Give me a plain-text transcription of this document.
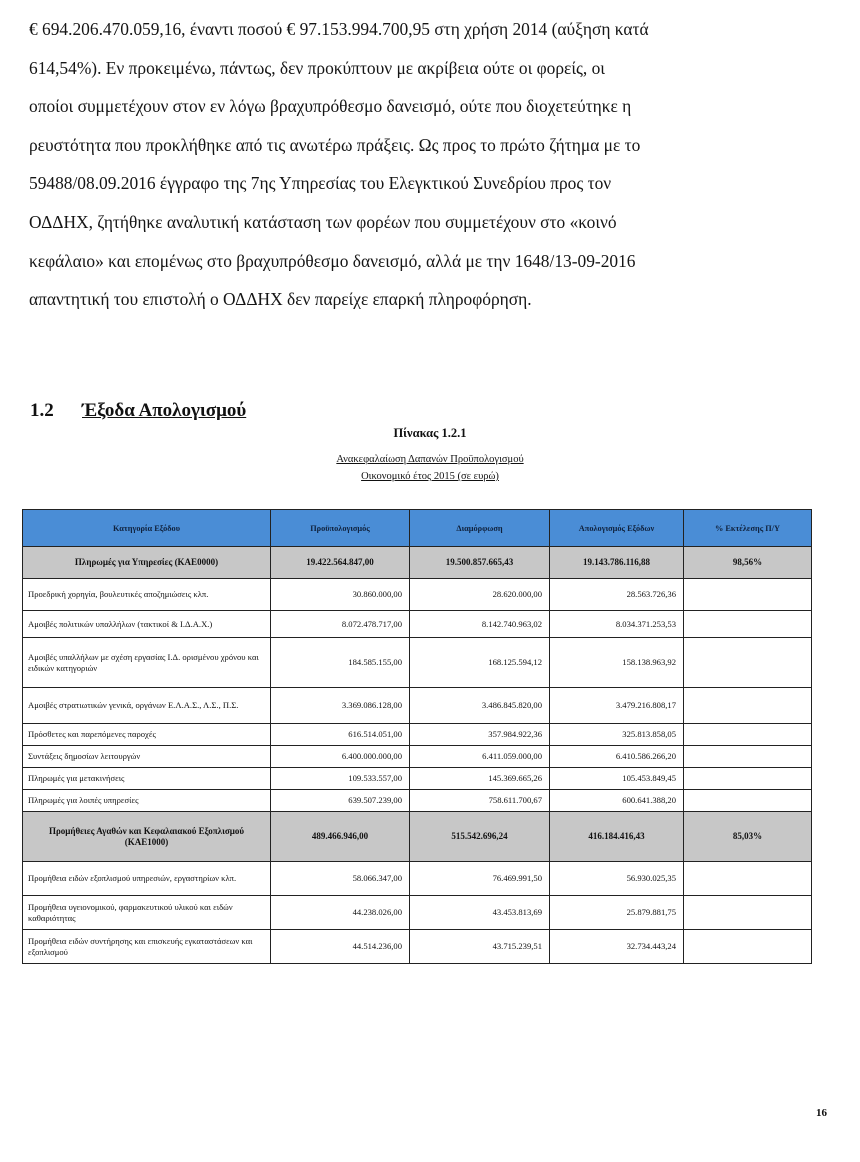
€ 694.206.470.059,16, έναντι ποσού € 97.153.994.700,95 στη χρήση 2014 (αύξηση κατά

614,54%). Εν προκειμένω, πάντως, δεν προκύπτουν με ακρίβεια ούτε οι φορείς, οι

οποίοι συμμετέχουν στον εν λόγω βραχυπρόθεσμο δανεισμό, ούτε που διοχετεύτηκε η

ρευστότητα που προκλήθηκε από τις ανωτέρω πράξεις. Ως προς το πρώτο ζήτημα με το

59488/08.09.2016 έγγραφο της 7ης Υπηρεσίας του Ελεγκτικού Συνεδρίου προς τον

ΟΔΔΗΧ, ζητήθηκε αναλυτική κατάσταση των φορέων που συμμετέχουν στο «κοινό

κεφάλαιο» και επομένως στο βραχυπρόθεσμο δανεισμό, αλλά με την 1648/13-09-2016

απαντητική του επιστολή ο ΟΔΔΗΧ δεν παρείχε επαρκή πληροφόρηση.

1.2 Έξοδα Απολογισμού
Πίνακας 1.2.1
Ανακεφαλαίωση Δαπανών Προϋπολογισμού
Οικονομικό έτος 2015 (σε ευρώ)
Κατηγορία Εξόδου	Προϋπολογισμός	Διαμόρφωση	Απολογισμός Εξόδων	% Εκτέλεσης Π/Υ
Πληρωμές για Υπηρεσίες (ΚΑΕ0000)	19.422.564.847,00	19.500.857.665,43	19.143.786.116,88	98,56%
Προεδρική χορηγία, βουλευτικές αποζημιώσεις κλπ.	30.860.000,00	28.620.000,00	28.563.726,36	
Αμοιβές πολιτικών υπαλλήλων (τακτικοί & Ι.Δ.Α.Χ.)	8.072.478.717,00	8.142.740.963,02	8.034.371.253,53	
Αμοιβές υπαλλήλων με σχέση εργασίας Ι.Δ. ορισμένου χρόνου και ειδικών κατηγοριών	184.585.155,00	168.125.594,12	158.138.963,92	
Αμοιβές στρατιωτικών γενικά, οργάνων Ε.Λ.Α.Σ., Λ.Σ., Π.Σ.	3.369.086.128,00	3.486.845.820,00	3.479.216.808,17	
Πρόσθετες και παρεπόμενες παροχές	616.514.051,00	357.984.922,36	325.813.858,05	
Συντάξεις δημοσίων λειτουργών	6.400.000.000,00	6.411.059.000,00	6.410.586.266,20	
Πληρωμές για μετακινήσεις	109.533.557,00	145.369.665,26	105.453.849,45	
Πληρωμές για λοιπές υπηρεσίες	639.507.239,00	758.611.700,67	600.641.388,20	
Προμήθειες Αγαθών και Κεφαλαιακού Εξοπλισμού (ΚΑΕ1000)	489.466.946,00	515.542.696,24	416.184.416,43	85,03%
Προμήθεια ειδών εξοπλισμού υπηρεσιών, εργαστηρίων κλπ.	58.066.347,00	76.469.991,50	56.930.025,35	
Προμήθεια υγειονομικού, φαρμακευτικού υλικού και ειδών καθαριότητας	44.238.026,00	43.453.813,69	25.879.881,75	
Προμήθεια ειδών συντήρησης και επισκευής εγκαταστάσεων και εξοπλισμού	44.514.236,00	43.715.239,51	32.734.443,24	
16
